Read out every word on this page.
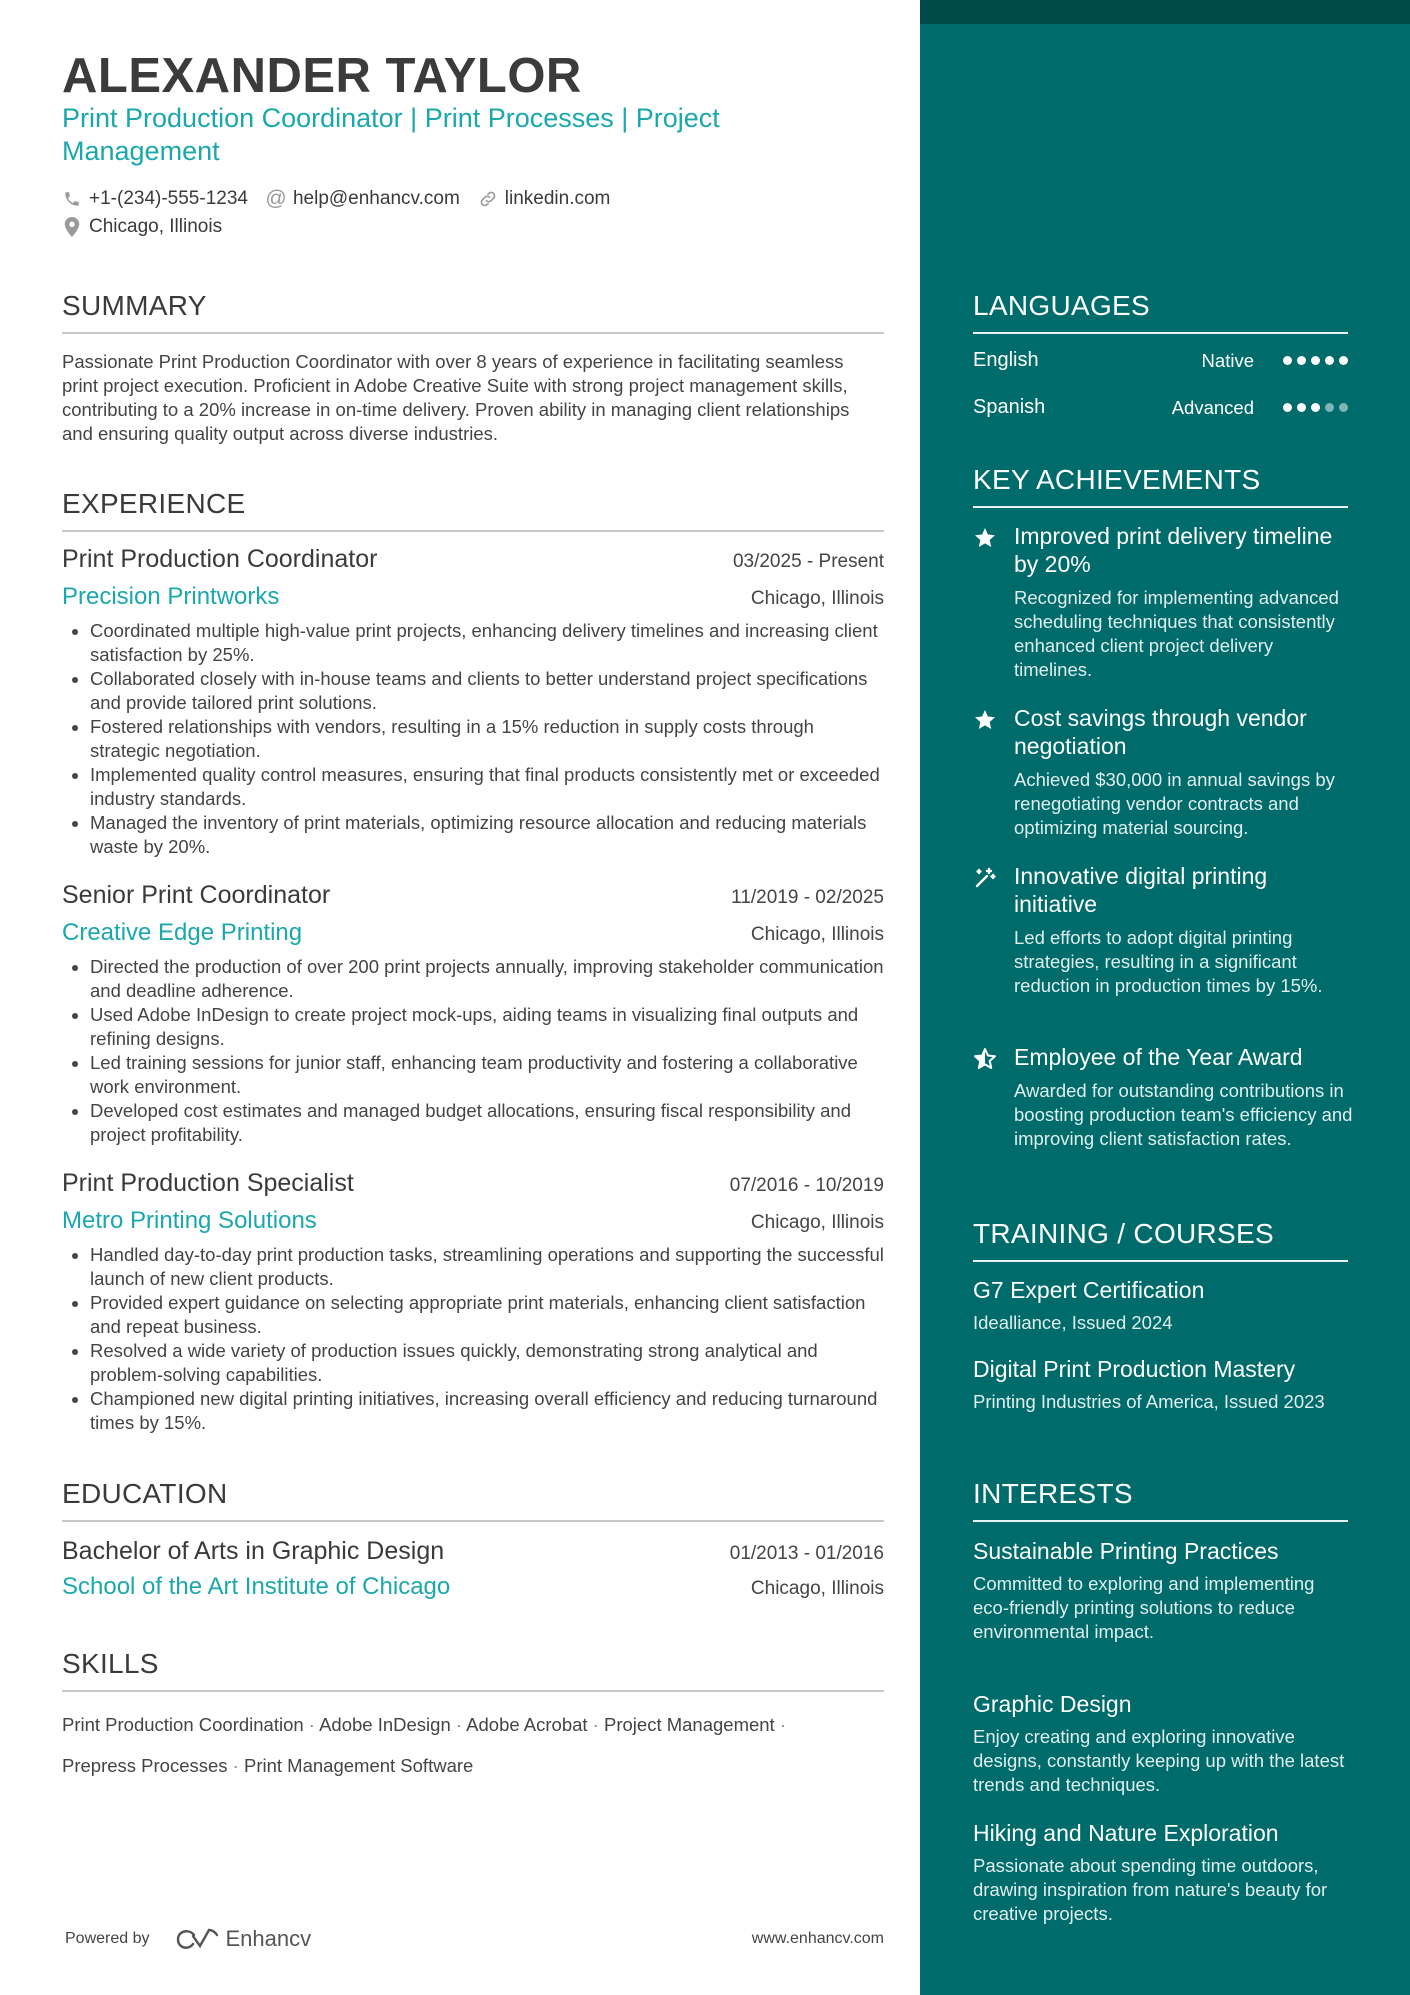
ALEXANDER TAYLOR

Print Production Coordinator | Print Processes | Project Management

+1-(234)-555-1234 @ help@enhancv.com linkedin.com
Chicago, Illinois
SUMMARY

Passionate Print Production Coordinator with over 8 years of experience in facilitating seamless print project execution. Proficient in Adobe Creative Suite with strong project management skills, contributing to a 20% increase in on-time delivery. Proven ability in managing client relationships and ensuring quality output across diverse industries.

EXPERIENCE
Print Production Coordinator	03/2025 - Present
Precision Printworks	Chicago, Illinois
Coordinated multiple high-value print projects, enhancing delivery timelines and increasing client satisfaction by 25%.
Collaborated closely with in-house teams and clients to better understand project specifications and provide tailored print solutions.
Fostered relationships with vendors, resulting in a 15% reduction in supply costs through strategic negotiation.
Implemented quality control measures, ensuring that final products consistently met or exceeded industry standards.
Managed the inventory of print materials, optimizing resource allocation and reducing materials waste by 20%.
Senior Print Coordinator	11/2019 - 02/2025
Creative Edge Printing	Chicago, Illinois
Directed the production of over 200 print projects annually, improving stakeholder communication and deadline adherence.
Used Adobe InDesign to create project mock-ups, aiding teams in visualizing final outputs and refining designs.
Led training sessions for junior staff, enhancing team productivity and fostering a collaborative work environment.
Developed cost estimates and managed budget allocations, ensuring fiscal responsibility and project profitability.
Print Production Specialist	07/2016 - 10/2019
Metro Printing Solutions	Chicago, Illinois
Handled day-to-day print production tasks, streamlining operations and supporting the successful launch of new client products.
Provided expert guidance on selecting appropriate print materials, enhancing client satisfaction and repeat business.
Resolved a wide variety of production issues quickly, demonstrating strong analytical and problem-solving capabilities.
Championed new digital printing initiatives, increasing overall efficiency and reducing turnaround times by 15%.
EDUCATION
Bachelor of Arts in Graphic Design	01/2013 - 01/2016
School of the Art Institute of Chicago	Chicago, Illinois
SKILLS
Print Production Coordination · Adobe InDesign · Adobe Acrobat · Project Management ·
Prepress Processes · Print Management Software
Powered by	Enhancv	www.enhancv.com
LANGUAGES
English	Native
Spanish	Advanced
KEY ACHIEVEMENTS
Improved print delivery timeline by 20%
Recognized for implementing advanced scheduling techniques that consistently enhanced client project delivery timelines.
Cost savings through vendor negotiation
Achieved $30,000 in annual savings by renegotiating vendor contracts and optimizing material sourcing.
Innovative digital printing initiative
Led efforts to adopt digital printing strategies, resulting in a significant reduction in production times by 15%.
Employee of the Year Award
Awarded for outstanding contributions in boosting production team's efficiency and improving client satisfaction rates.
TRAINING / COURSES
G7 Expert Certification
Idealliance, Issued 2024
Digital Print Production Mastery
Printing Industries of America, Issued 2023
INTERESTS
Sustainable Printing Practices
Committed to exploring and implementing eco-friendly printing solutions to reduce environmental impact.
Graphic Design
Enjoy creating and exploring innovative designs, constantly keeping up with the latest trends and techniques.
Hiking and Nature Exploration
Passionate about spending time outdoors, drawing inspiration from nature's beauty for creative projects.
